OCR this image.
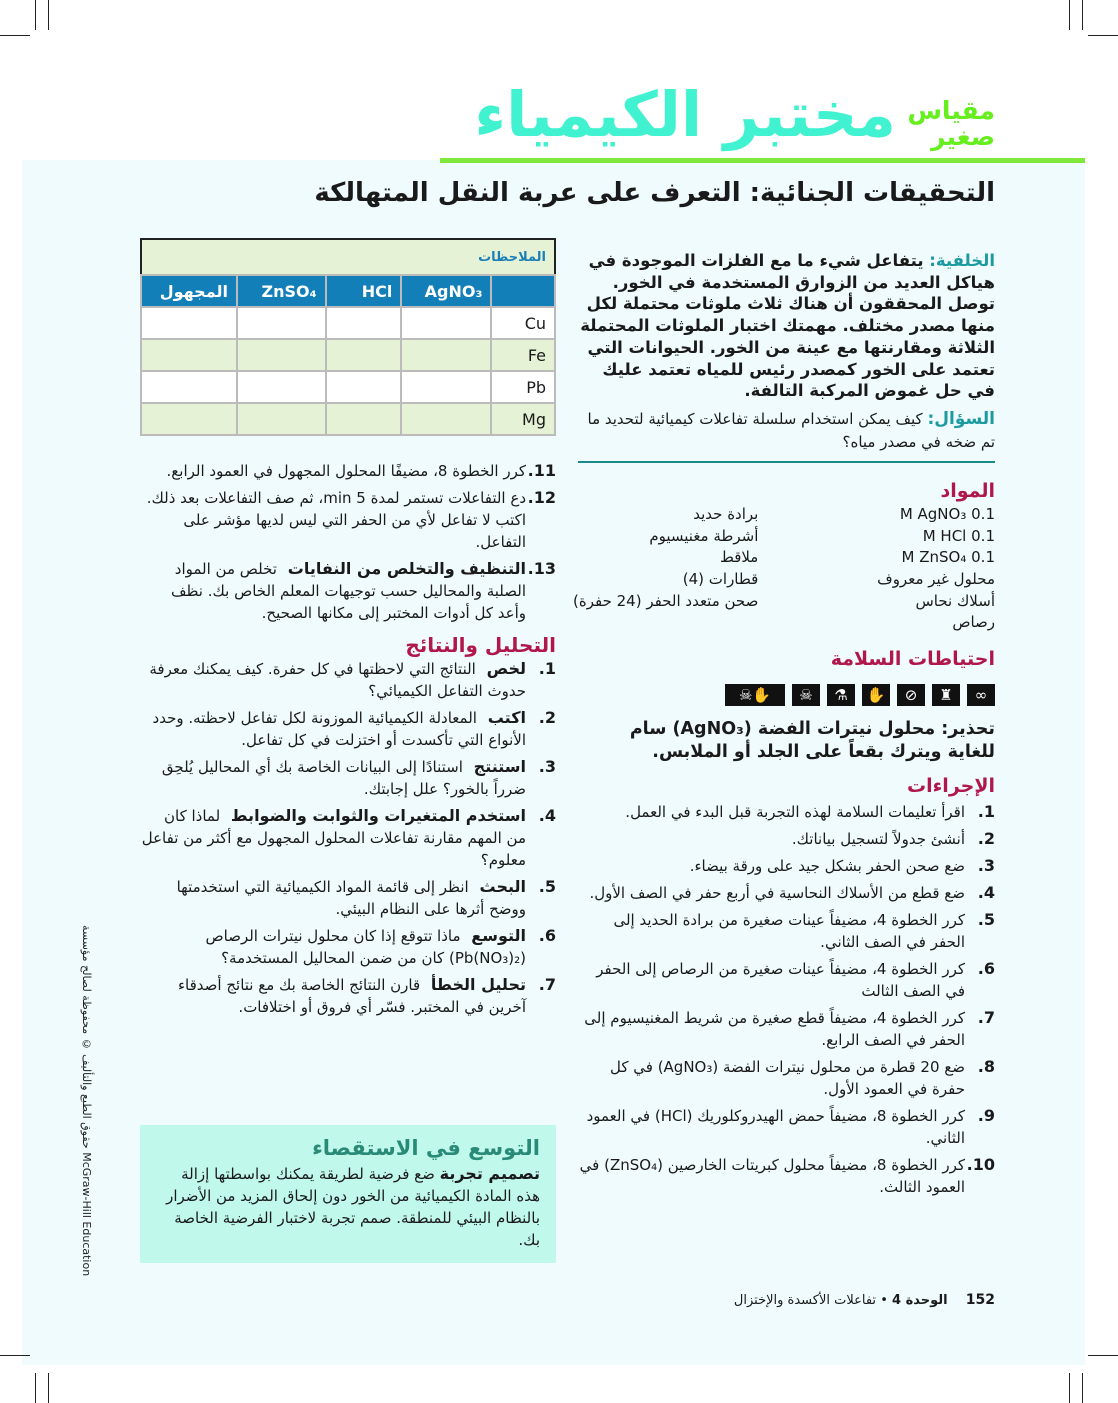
مختبر الكيمياء مقياس
صغير
التحقيقات الجنائية: التعرف على عربة النقل المتهالكة
الخلفية: يتفاعل شيء ما مع الفلزات الموجودة في هياكل العديد من الزوارق المستخدمة في الخور. توصل المحققون أن هناك ثلاث ملوثات محتملة لكل منها مصدر مختلف. مهمتك اختبار الملوثات المحتملة الثلاثة ومقارنتها مع عينة من الخور. الحيوانات التي تعتمد على الخور كمصدر رئيس للمياه تعتمد عليك في حل غموض المركبة التالفة.
السؤال: كيف يمكن استخدام سلسلة تفاعلات كيميائية لتحديد ما تم ضخه في مصدر مياه؟
المواد
0.1 M AgNO₃
0.1 M HCl
0.1 M ZnSO₄
محلول غير معروف
أسلاك نحاس
رصاص
برادة حديد
أشرطة مغنيسيوم
ملاقط
قطارات (4)
صحن متعدد الحفر (24 حفرة)
احتياطات السلامة
☠✋	☠	⚗	✋	⊘	♜	∞
تحذير: محلول نيترات الفضة (AgNO₃) سام للغاية ويترك بقعاً على الجلد أو الملابس.
الإجراءات
1.
اقرأ تعليمات السلامة لهذه التجربة قبل البدء في العمل.
2.
أنشئ جدولاً لتسجيل بياناتك.
3.
ضع صحن الحفر بشكل جيد على ورقة بيضاء.
4.
ضع قطع من الأسلاك النحاسية في أربع حفر في الصف الأول.
5.
كرر الخطوة 4، مضيفاً عينات صغيرة من برادة الحديد إلى الحفر في الصف الثاني.
6.
كرر الخطوة 4، مضيفاً عينات صغيرة من الرصاص إلى الحفر في الصف الثالث
7.
كرر الخطوة 4، مضيفاً قطع صغيرة من شريط المغنيسيوم إلى الحفر في الصف الرابع.
8.
ضع 20 قطرة من محلول نيترات الفضة (AgNO₃) في كل حفرة في العمود الأول.
9.
كرر الخطوة 8، مضيفاً حمض الهيدروكلوريك (HCl) في العمود الثاني.
10.
كرر الخطوة 8، مضيفاً محلول كبريتات الخارصين (ZnSO₄) في العمود الثالث.
الملاحظات				
	AgNO₃	HCl	ZnSO₄	المجهول
Cu				
Fe				
Pb				
Mg				
11.
كرر الخطوة 8، مضيفًا المحلول المجهول في العمود الرابع.
12.
دع التفاعلات تستمر لمدة 5 min، ثم صف التفاعلات بعد ذلك. اكتب لا تفاعل لأي من الحفر التي ليس لديها مؤشر على التفاعل.
13.
التنظيف والتخلص من النفايات تخلص من المواد الصلبة والمحاليل حسب توجيهات المعلم الخاص بك. نظف وأعد كل أدوات المختبر إلى مكانها الصحيح.
التحليل والنتائج
1.
لخص النتائج التي لاحظتها في كل حفرة. كيف يمكنك معرفة حدوث التفاعل الكيميائي؟
2.
اكتب المعادلة الكيميائية الموزونة لكل تفاعل لاحظته. وحدد الأنواع التي تأكسدت أو اختزلت في كل تفاعل.
3.
استنتج استنادًا إلى البيانات الخاصة بك أي المحاليل يُلحِق ضرراً بالخور؟ علل إجابتك.
4.
استخدم المتغيرات والثوابت والضوابط لماذا كان من المهم مقارنة تفاعلات المحلول المجهول مع أكثر من تفاعل معلوم؟
5.
البحث انظر إلى قائمة المواد الكيميائية التي استخدمتها ووضح أثرها على النظام البيئي.
6.
التوسع ماذا تتوقع إذا كان محلول نيترات الرصاص (Pb(NO₃)₂) كان من ضمن المحاليل المستخدمة؟
7.
تحليل الخطأ قارن النتائج الخاصة بك مع نتائج أصدقاء آخرين في المختبر. فسّر أي فروق أو اختلافات.
التوسع في الاستقصاء

تصميم تجربة ضع فرضية لطريقة يمكنك بواسطتها إزالة هذه المادة الكيميائية من الخور دون إلحاق المزيد من الأضرار بالنظام البيئي للمنطقة. صمم تجربة لاختبار الفرضية الخاصة بك.

152 الوحدة 4 • تفاعلات الأكسدة والإختزال
حقوق الطبع والتأليف © محفوظة لصالح مؤسسة McGraw-Hill Education
